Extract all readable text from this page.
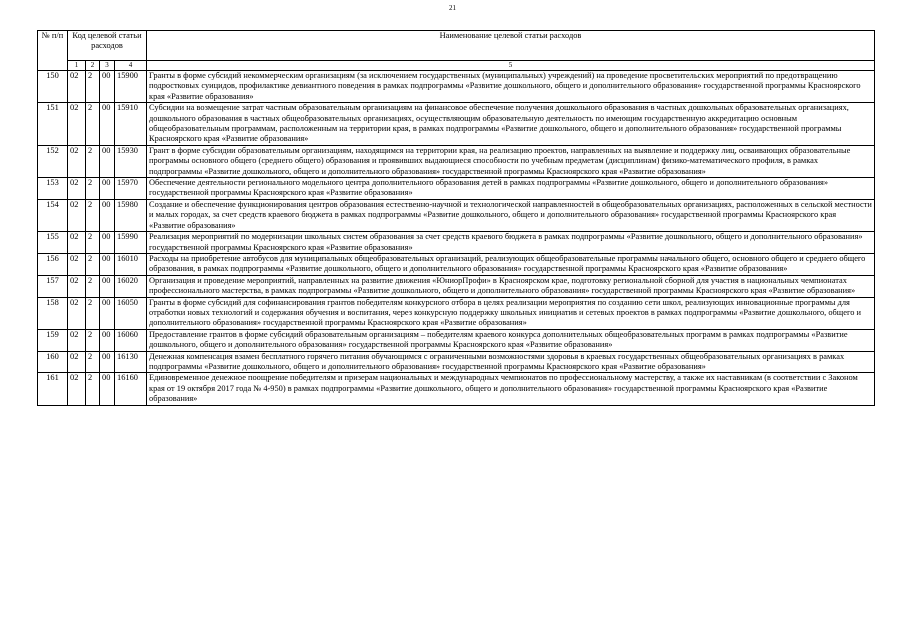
21
№ п/п	Код целевой статьи расходов				Наименование целевой статьи расходов
	1	2	3	4	5
150	02	2	00	15900	Гранты в форме субсидий некоммерческим организациям (за исключением государственных (муниципальных) учреждений) на проведение просветительских мероприятий по предотвращению подростковых суицидов, профилактике девиантного поведения в рамках подпрограммы «Развитие дошкольного, общего и дополнительного образования» государственной программы Красноярского края «Развитие образования»
151	02	2	00	15910	Субсидии на возмещение затрат частным образовательным организациям на финансовое обеспечение получения дошкольного образования в частных дошкольных образовательных организациях, дошкольного образования в частных общеобразовательных организациях, осуществляющим образовательную деятельность по имеющим государственную аккредитацию основным общеобразовательным программам, расположенным на территории края, в рамках подпрограммы «Развитие дошкольного, общего и дополнительного образования» государственной программы Красноярского края «Развитие образования»
152	02	2	00	15930	Грант в форме субсидии образовательным организациям, находящимся на территории края, на реализацию проектов, направленных на выявление и поддержку лиц, осваивающих образовательные программы основного общего (среднего общего) образования и проявивших выдающиеся способности по учебным предметам (дисциплинам) физико-математического профиля, в рамках подпрограммы «Развитие дошкольного, общего и дополнительного образования» государственной программы Красноярского края «Развитие образования»
153	02	2	00	15970	Обеспечение деятельности регионального модельного центра дополнительного образования детей в рамках подпрограммы «Развитие дошкольного, общего и дополнительного образования» государственной программы Красноярского края «Развитие образования»
154	02	2	00	15980	Создание и обеспечение функционирования центров образования естественно-научной и технологической направленностей в общеобразовательных организациях, расположенных в сельской местности и малых городах, за счет средств краевого бюджета в рамках подпрограммы «Развитие дошкольного, общего и дополнительного образования» государственной программы Красноярского края «Развитие образования»
155	02	2	00	15990	Реализация мероприятий по модернизации школьных систем образования за счет средств краевого бюджета в рамках подпрограммы «Развитие дошкольного, общего и дополнительного образования» государственной программы Красноярского края «Развитие образования»
156	02	2	00	16010	Расходы на приобретение автобусов для муниципальных общеобразовательных организаций, реализующих общеобразовательные программы начального общего, основного общего и среднего общего образования, в рамках подпрограммы «Развитие дошкольного, общего и дополнительного образования» государственной программы Красноярского края «Развитие образования»
157	02	2	00	16020	Организация и проведение мероприятий, направленных на развитие движения «ЮниорПрофи» в Красноярском крае, подготовку региональной сборной для участия в национальных чемпионатах профессионального мастерства, в рамках подпрограммы «Развитие дошкольного, общего и дополнительного образования» государственной программы Красноярского края «Развитие образования»
158	02	2	00	16050	Гранты в форме субсидий для софинансирования грантов победителям конкурсного отбора в целях реализации мероприятия по созданию сети школ, реализующих инновационные программы для отработки новых технологий и содержания обучения и воспитания, через конкурсную поддержку школьных инициатив и сетевых проектов в рамках подпрограммы «Развитие дошкольного, общего и дополнительного образования» государственной программы Красноярского края «Развитие образования»
159	02	2	00	16060	Предоставление грантов в форме субсидий образовательным организациям – победителям краевого конкурса дополнительных общеобразовательных программ в рамках подпрограммы «Развитие дошкольного, общего и дополнительного образования» государственной программы Красноярского края «Развитие образования»
160	02	2	00	16130	Денежная компенсация взамен бесплатного горячего питания обучающимся с ограниченными возможностями здоровья в краевых государственных общеобразовательных организациях в рамках подпрограммы «Развитие дошкольного, общего и дополнительного образования» государственной программы Красноярского края «Развитие образования»
161	02	2	00	16160	Единовременное денежное поощрение победителям и призерам национальных и международных чемпионатов по профессиональному мастерству, а также их наставникам (в соответствии с Законом края от 19 октября 2017 года № 4-950) в рамках подпрограммы «Развитие дошкольного, общего и дополнительного образования» государственной программы Красноярского края «Развитие образования»
